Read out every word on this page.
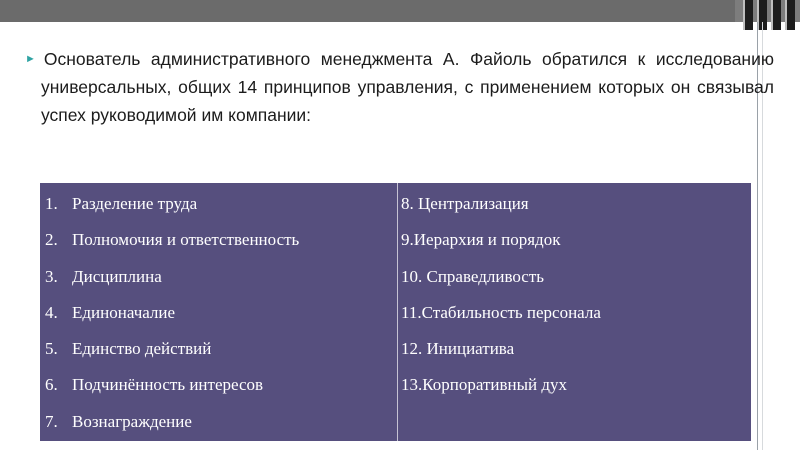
► Основатель административного менеджмента А. Файоль обратился к исследованию универсальных, общих 14 принципов управления, с применением которых он связывал успех руководимой им компании:

1. Разделение труда
2. Полномочия и ответственность
3. Дисциплина
4. Единоначалие
5. Единство действий
6. Подчинённость интересов
7. Вознаграждение

8. Централизация
9.Иерархия и порядок
10. Справедливость
11.Стабильность персонала
12. Инициатива
13.Корпоративный дух
